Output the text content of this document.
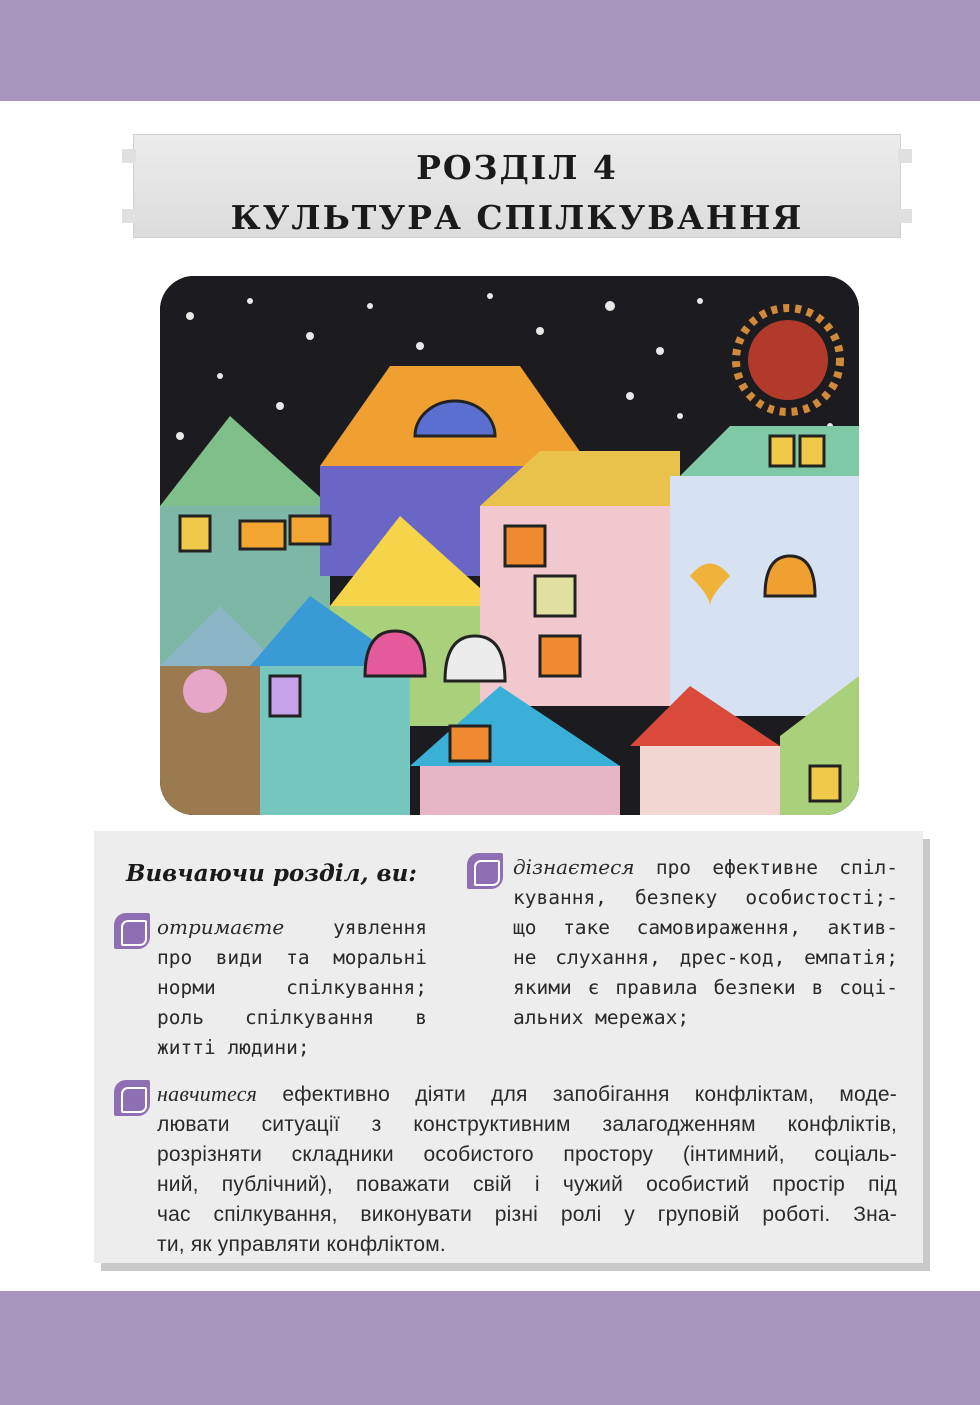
РОЗДІЛ 4
КУЛЬТУРА СПІЛКУВАННЯ
Вивчаючи розділ, ви:
отримаєте уявлення
про види та моральні
норми спілкування;
роль спілкування в
житті людини;
дізнаєтеся про ефективне спіл-
кування, безпеку особистості;-
що таке самовираження, актив-
не слухання, дрес-код, емпатія;
якими є правила безпеки в соці-
альних мережах;
навчитеся ефективно діяти для запобігання конфліктам, моде-
лювати ситуації з конструктивним залагодженням конфліктів,
розрізняти складники особистого простору (інтимний, соціаль-
ний, публічний), поважати свій і чужий особистий простір під
час спілкування, виконувати різні ролі у груповій роботі. Зна-
ти, як управляти конфліктом.
